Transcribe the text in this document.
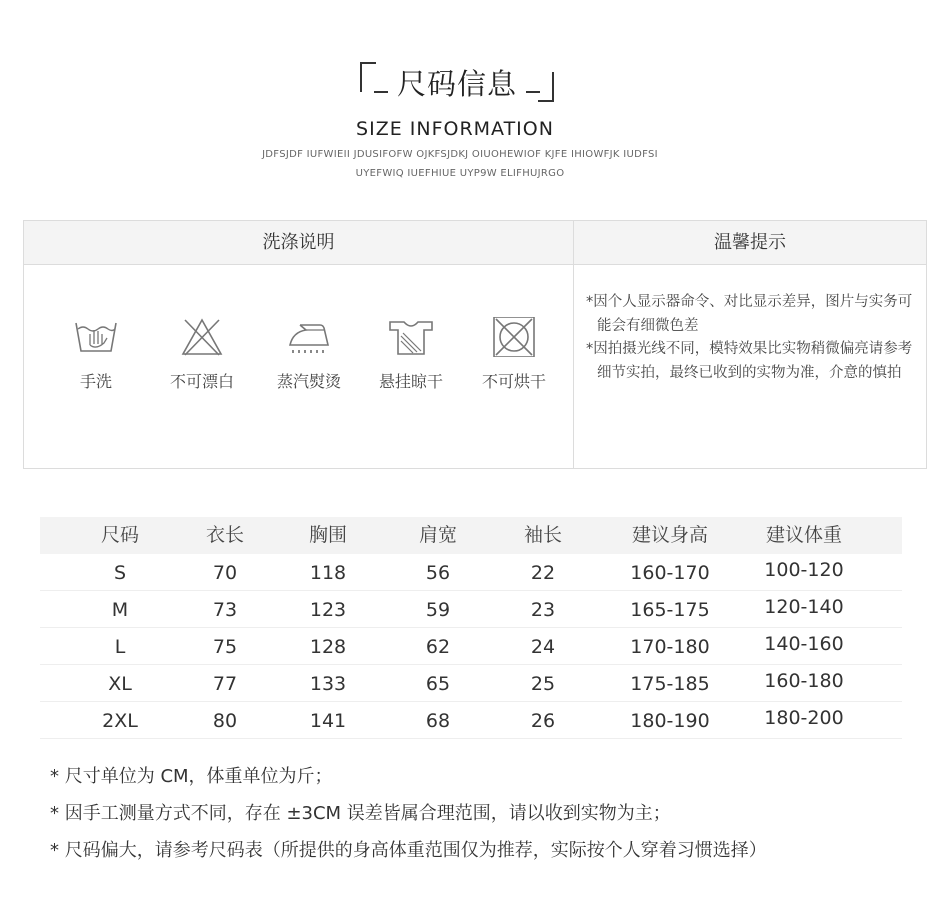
尺码信息
SIZE INFORMATION
JDFSJDF IUFWIEII JDUSIFOFW OJKFSJDKJ OIUOHEWIOF KJFE IHIOWFJK IUDFSI
UYEFWIQ IUEFHIUE UYP9W ELIFHUJRGO
洗涤说明	温馨提示
手洗	不可漂白	蒸汽熨烫	悬挂晾干	不可烘干

*因个人显示器命令、对比显示差异，图片与实务可能会有细微色差

*因拍摄光线不同，模特效果比实物稍微偏亮请参考细节实拍，最终已收到的实物为准，介意的慎拍

尺码	衣长	胸围	肩宽	袖长	建议身高	建议体重
S	70	118	56	22	160-170	100-120
M	73	123	59	23	165-175	120-140
L	75	128	62	24	170-180	140-160
XL	77	133	65	25	175-185	160-180
2XL	80	141	68	26	180-190	180-200

* 尺寸单位为 CM，体重单位为斤；

* 因手工测量方式不同，存在 ±3CM 误差皆属合理范围，请以收到实物为主；

* 尺码偏大，请参考尺码表（所提供的身高体重范围仅为推荐，实际按个人穿着习惯选择）
